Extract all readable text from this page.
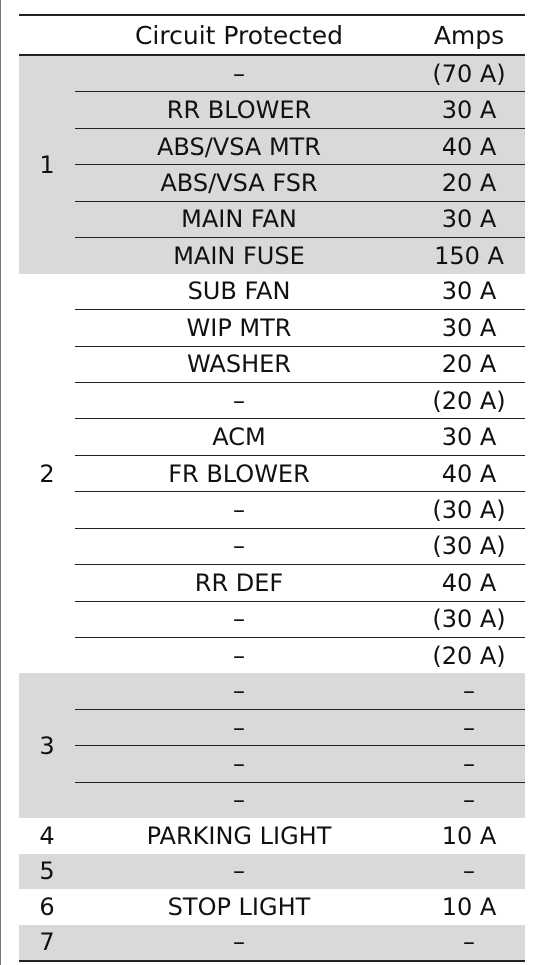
	Circuit Protected	Amps
1	–	(70 A)
	RR BLOWER	30 A
	ABS/VSA MTR	40 A
	ABS/VSA FSR	20 A
	MAIN FAN	30 A
	MAIN FUSE	150 A
2	SUB FAN	30 A
	WIP MTR	30 A
	WASHER	20 A
	–	(20 A)
	ACM	30 A
	FR BLOWER	40 A
	–	(30 A)
	–	(30 A)
	RR DEF	40 A
	–	(30 A)
	–	(20 A)
3	–	–
	–	–
	–	–
	–	–
4	PARKING LIGHT	10 A
5	–	–
6	STOP LIGHT	10 A
7	–	–
